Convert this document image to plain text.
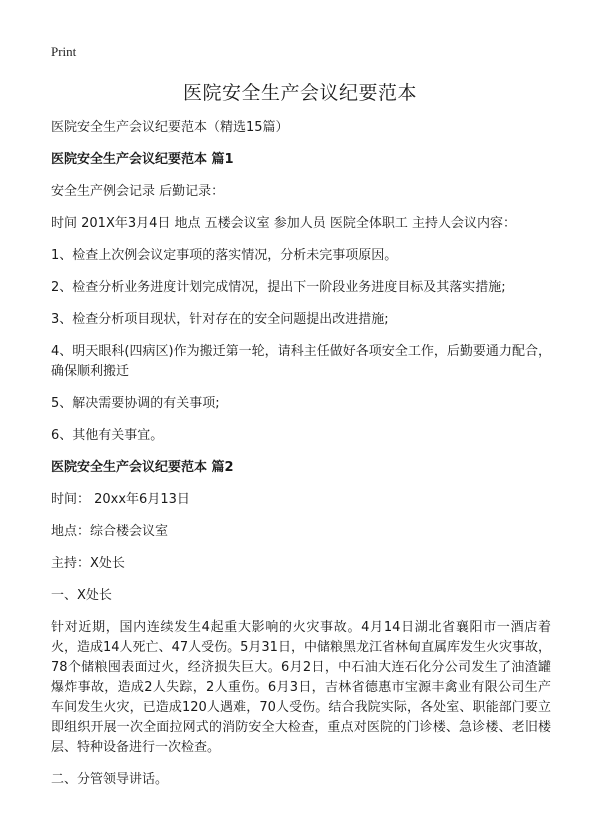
Print
医院安全生产会议纪要范本

医院安全生产会议纪要范本（精选15篇）

医院安全生产会议纪要范本 篇1

安全生产例会记录 后勤记录：

时间 201X年3月4日 地点 五楼会议室 参加人员 医院全体职工 主持人会议内容：

1、检查上次例会议定事项的落实情况，分析未完事项原因。

2、检查分析业务进度计划完成情况，提出下一阶段业务进度目标及其落实措施;

3、检查分析项目现状，针对存在的安全问题提出改进措施;

4、明天眼科(四病区)作为搬迁第一轮，请科主任做好各项安全工作，后勤要通力配合，确保顺利搬迁

5、解决需要协调的有关事项;

6、其他有关事宜。

医院安全生产会议纪要范本 篇2

时间： 20xx年6月13日

地点：综合楼会议室

主持：X处长

一、X处长

针对近期，国内连续发生4起重大影响的火灾事故。4月14日湖北省襄阳市一酒店着火，造成14人死亡、47人受伤。5月31日，中储粮黑龙江省林甸直属库发生火灾事故，78个储粮囤表面过火，经济损失巨大。6月2日，中石油大连石化分公司发生了油渣罐爆炸事故，造成2人失踪，2人重伤。6月3日，吉林省德惠市宝源丰禽业有限公司生产车间发生火灾，已造成120人遇难，70人受伤。结合我院实际，各处室、职能部门要立即组织开展一次全面拉网式的消防安全大检查，重点对医院的门诊楼、急诊楼、老旧楼层、特种设备进行一次检查。

二、分管领导讲话。
